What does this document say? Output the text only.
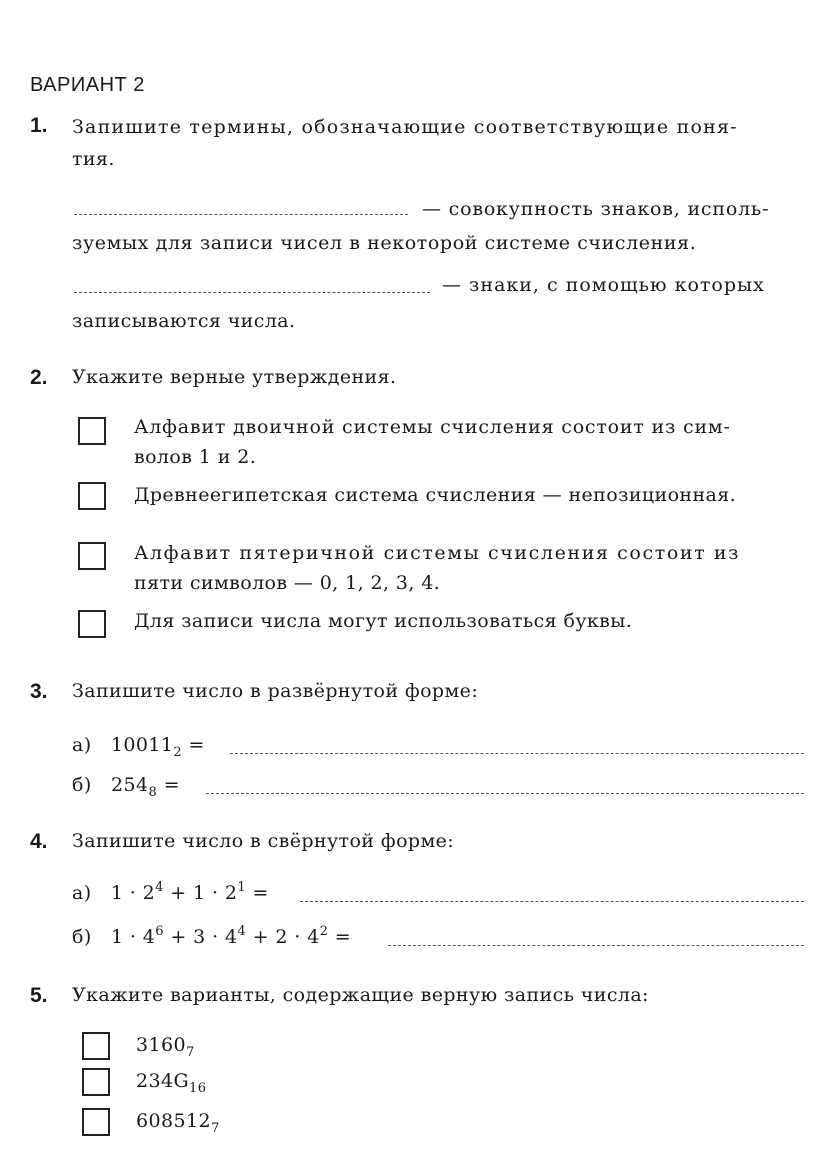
ВАРИАНТ 2
1. Запишите термины, обозначающие соответствующие поня-
тия.
— совокупность знаков, исполь-
зуемых для записи чисел в некоторой системе счисления.
— знаки, с помощью которых
записываются числа.
2. Укажите верные утверждения.
Алфавит двоичной системы счисления состоит из сим-
волов 1 и 2.
Древнеегипетская система счисления — непозиционная.
Алфавит пятеричной системы счисления состоит из
пяти символов — 0, 1, 2, 3, 4.
Для записи числа могут использоваться буквы.
3. Запишите число в развёрнутой форме:
а) $10011_2$ =
б) $254_8$ =
4. Запишите число в свёрнутой форме:
а) $1 \cdot 2^4 + 1 \cdot 2^1$ =
б) $1 \cdot 4^6 + 3 \cdot 4^4 + 2 \cdot 4^2$ =
5. Укажите варианты, содержащие верную запись числа:
$3160_7$
$234G_{16}$
$608512_7$
